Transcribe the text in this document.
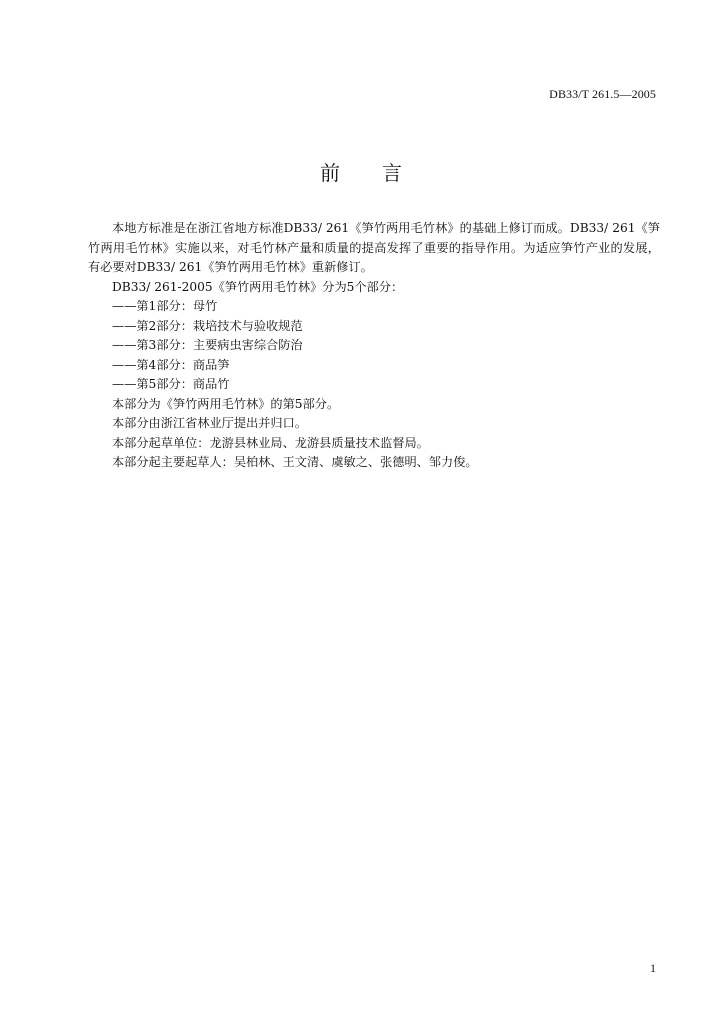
DB33/T 261.5—2005
前 言

本地方标准是在浙江省地方标准DB33/ 261《笋竹两用毛竹林》的基础上修订而成。DB33/ 261《笋竹两用毛竹林》实施以来，对毛竹林产量和质量的提高发挥了重要的指导作用。为适应笋竹产业的发展，有必要对DB33/ 261《笋竹两用毛竹林》重新修订。

DB33/ 261-2005《笋竹两用毛竹林》分为5个部分：

——第1部分：母竹

——第2部分：栽培技术与验收规范

——第3部分：主要病虫害综合防治

——第4部分：商品笋

——第5部分：商品竹

本部分为《笋竹两用毛竹林》的第5部分。

本部分由浙江省林业厅提出并归口。

本部分起草单位：龙游县林业局、龙游县质量技术监督局。

本部分起主要起草人：吴柏林、王文清、虞敏之、张德明、邹力俊。

1
